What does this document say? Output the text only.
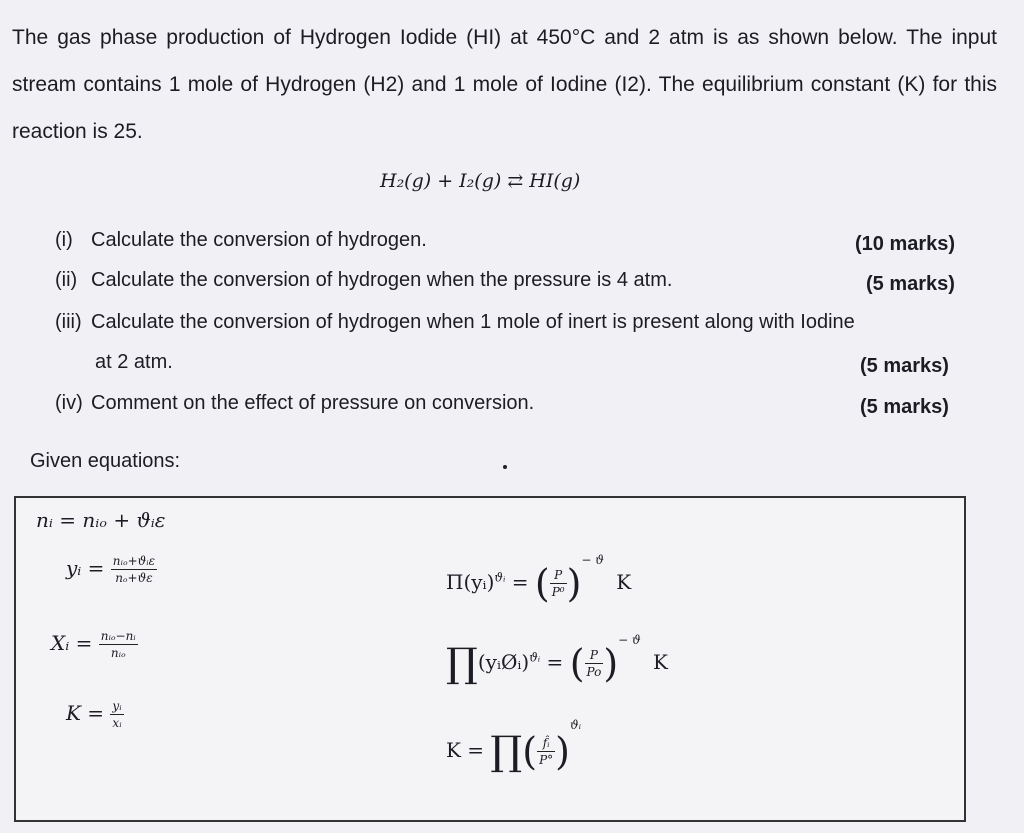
The gas phase production of Hydrogen Iodide (HI) at 450°C and 2 atm is as shown below. The input stream contains 1 mole of Hydrogen (H2) and 1 mole of Iodine (I2). The equilibrium constant (K) for this reaction is 25.

H₂(g) + I₂(g) ⇄ HI(g)
(i) Calculate the conversion of hydrogen.	(10 marks)
(ii) Calculate the conversion of hydrogen when the pressure is 4 atm.	(5 marks)
(iii) Calculate the conversion of hydrogen when 1 mole of inert is present along with Iodine
at 2 atm.	(5 marks)
(iv) Comment on the effect of pressure on conversion.	(5 marks)
Given equations:
nᵢ = nᵢₒ + ϑᵢε
yᵢ = $\frac{\text{nᵢₒ+ϑᵢε}}{\text{nₒ+ϑε}}$
Xᵢ = $\frac{\text{nᵢₒ−nᵢ}}{\text{nᵢₒ}}$
$K = \frac{\text{yᵢ}}{\text{xᵢ}}$
Π(yᵢ)$^{ϑᵢ}$ = ( $\frac{P}{\text{P⁰}} )^{- ϑ}$ K
∏(yᵢØᵢ)$^{ϑᵢ}$ = ( $\frac{P}{Po} )^{- ϑ}$ K
K = ∏( $\frac{\text{f̂ᵢ}}{P^\circ} )^{ϑᵢ}$
